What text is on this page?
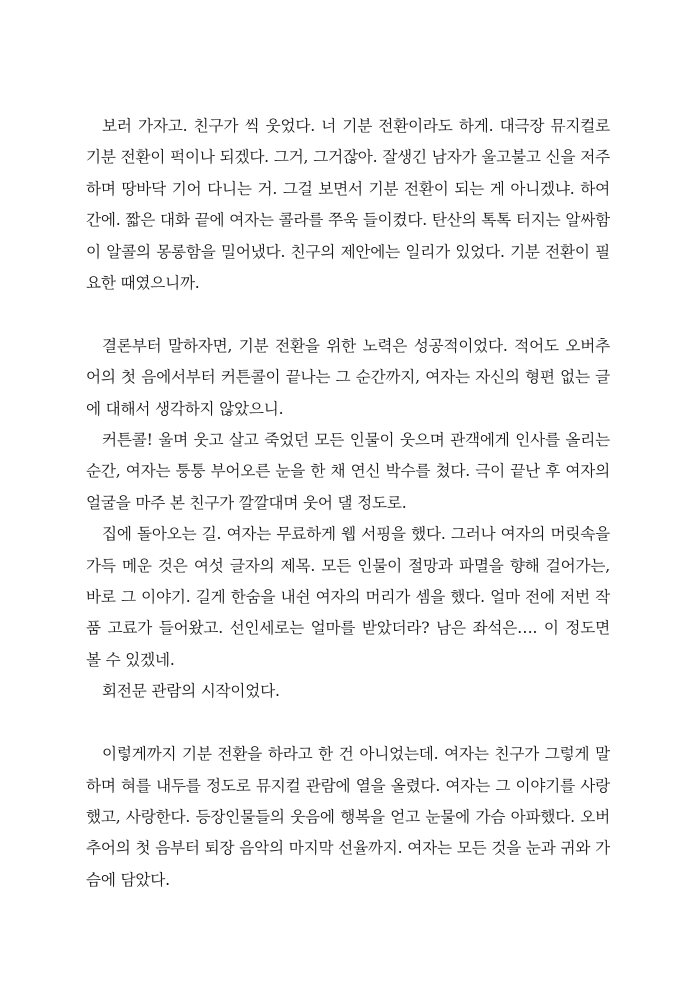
보러 가자고. 친구가 씩 웃었다. 너 기분 전환이라도 하게. 대극장 뮤지컬로 기분 전환이 퍽이나 되겠다. 그거, 그거잖아. 잘생긴 남자가 울고불고 신을 저주하며 땅바닥 기어 다니는 거. 그걸 보면서 기분 전환이 되는 게 아니겠냐. 하여간에. 짧은 대화 끝에 여자는 콜라를 쭈욱 들이켰다. 탄산의 톡톡 터지는 알싸함이 알콜의 몽롱함을 밀어냈다. 친구의 제안에는 일리가 있었다. 기분 전환이 필요한 때였으니까.

결론부터 말하자면, 기분 전환을 위한 노력은 성공적이었다. 적어도 오버추어의 첫 음에서부터 커튼콜이 끝나는 그 순간까지, 여자는 자신의 형편 없는 글에 대해서 생각하지 않았으니.

커튼콜! 울며 웃고 살고 죽었던 모든 인물이 웃으며 관객에게 인사를 올리는 순간, 여자는 퉁퉁 부어오른 눈을 한 채 연신 박수를 쳤다. 극이 끝난 후 여자의 얼굴을 마주 본 친구가 깔깔대며 웃어 댈 정도로.

집에 돌아오는 길. 여자는 무료하게 웹 서핑을 했다. 그러나 여자의 머릿속을 가득 메운 것은 여섯 글자의 제목. 모든 인물이 절망과 파멸을 향해 걸어가는, 바로 그 이야기. 길게 한숨을 내쉰 여자의 머리가 셈을 했다. 얼마 전에 저번 작품 고료가 들어왔고. 선인세로는 얼마를 받았더라? 남은 좌석은…. 이 정도면 볼 수 있겠네.

회전문 관람의 시작이었다.

이렇게까지 기분 전환을 하라고 한 건 아니었는데. 여자는 친구가 그렇게 말하며 혀를 내두를 정도로 뮤지컬 관람에 열을 올렸다. 여자는 그 이야기를 사랑했고, 사랑한다. 등장인물들의 웃음에 행복을 얻고 눈물에 가슴 아파했다. 오버추어의 첫 음부터 퇴장 음악의 마지막 선율까지. 여자는 모든 것을 눈과 귀와 가슴에 담았다.
